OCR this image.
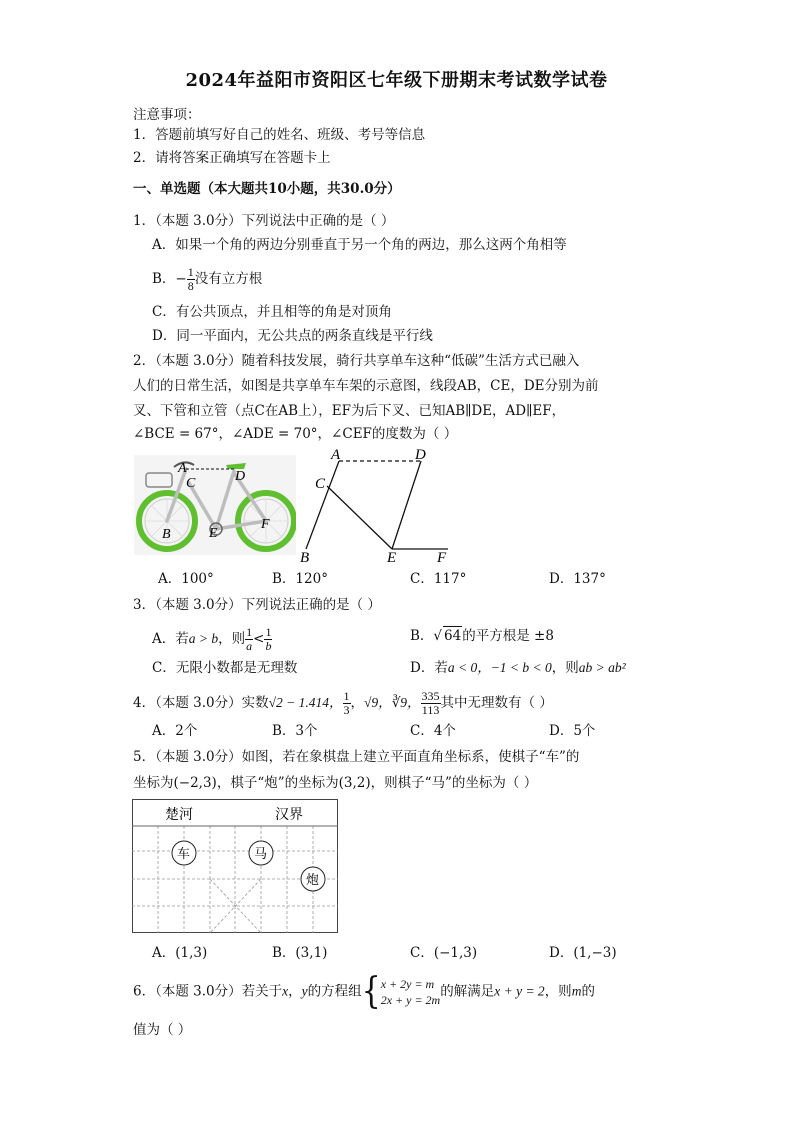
2024年益阳市资阳区七年级下册期末考试数学试卷
注意事项：
1．答题前填写好自己的姓名、班级、考号等信息
2．请将答案正确填写在答题卡上
一、单选题（本大题共10小题，共30.0分）
1．（本题 3.0分）下列说法中正确的是（ ）
A．如果一个角的两边分别垂直于另一个角的两边，那么这两个角相等
B．− $\frac{1}{8}$ 没有立方根
C．有公共顶点，并且相等的角是对顶角
D．同一平面内，无公共点的两条直线是平行线
2．（本题 3.0分）随着科技发展，骑行共享单车这种“低碳”生活方式已融入
人们的日常生活，如图是共享单车车架的示意图，线段AB，CE，DE分别为前
叉、下管和立管（点C在AB上），EF为后下叉、已知AB∥DE，AD∥EF，
∠BCE = 67°，∠ADE = 70°，∠CEF的度数为（ ）
A
C	D
B	E
F
A	D
C
B	E	F
A．100°	B．120°	C．117°	D．137°
3．（本题 3.0分）下列说法正确的是（ ）
A．若a > b，则 $\frac{1}{a} < \frac{1}{b}$	B．√ 64的平方根是 ±8
C．无限小数都是无理数	D．若a < 0，−1 < b < 0，则ab > ab²
4．（本题 3.0分）实数√2 − 1.414， $\frac{1}{3}$ ，√9，∛9， $\frac{335}{113}$ 其中无理数有（ ）
A．2个	B．3个	C．4个	D．5个
5．（本题 3.0分）如图，若在象棋盘上建立平面直角坐标系，使棋子“车”的
坐标为(−2,3)，棋子“炮”的坐标为(3,2)，则棋子“马”的坐标为（ ）
楚河	汉界
车	马
炮
A．(1,3)	B．(3,1)	C．(−1,3)	D．(1,−3)
6．（本题 3.0分）若关于x，y的方程组{ x + 2y = m
2x + y = 2m
的解满足x + y = 2，则m的
值为（ ）
